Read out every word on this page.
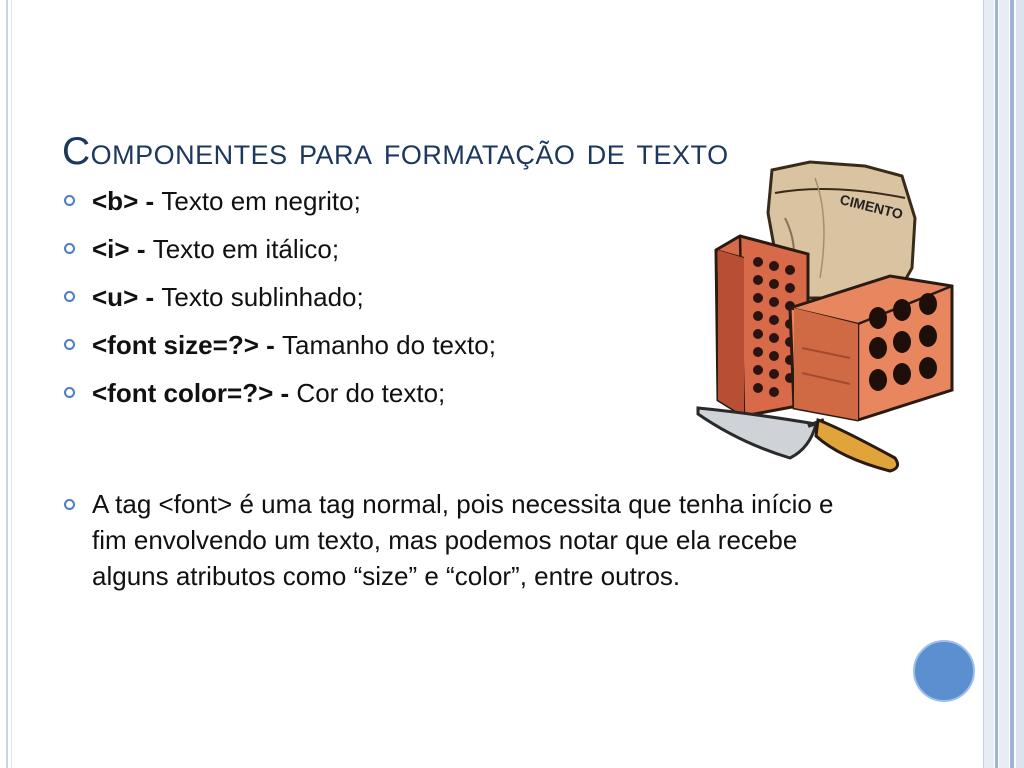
Componentes para formatação de texto
<b> - Texto em negrito;
<i> - Texto em itálico;
<u> - Texto sublinhado;
<font size=?> - Tamanho do texto;
<font color=?> - Cor do texto;
A tag <font> é uma tag normal, pois necessita que tenha início e fim envolvendo um texto, mas podemos notar que ela recebe alguns atributos como “size” e “color”, entre outros.
CIMENTO
